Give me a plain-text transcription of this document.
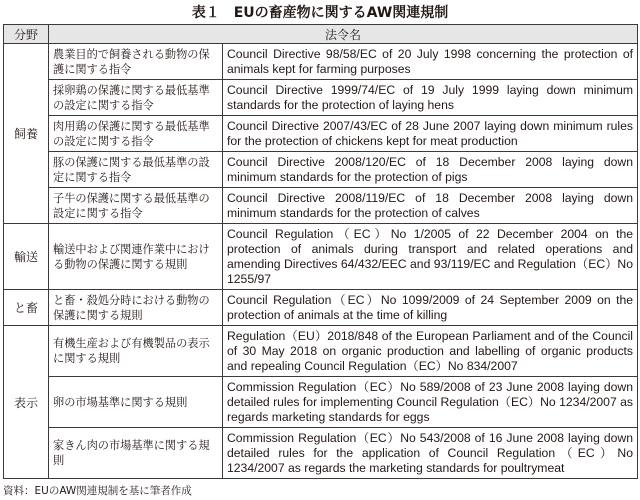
表１　EUの畜産物に関するAW関連規制
分野	法令名	
飼養	農業目的で飼養される動物の保護に関する指令	Council Directive 98/58/EC of 20 July 1998 concerning the protection of animals kept for farming purposes
	採卵鶏の保護に関する最低基準の設定に関する指令	Council Directive 1999/74/EC of 19 July 1999 laying down minimum standards for the protection of laying hens
	肉用鶏の保護に関する最低基準の設定に関する指令	Council Directive 2007/43/EC of 28 June 2007 laying down minimum rules for the protection of chickens kept for meat production
	豚の保護に関する最低基準の設定に関する指令	Council Directive 2008/120/EC of 18 December 2008 laying down minimum standards for the protection of pigs
	子牛の保護に関する最低基準の設定に関する指令	Council Directive 2008/119/EC of 18 December 2008 laying down minimum standards for the protection of calves
輸送	輸送中および関連作業中における動物の保護に関する規則	Council Regulation（EC）No 1/2005 of 22 December 2004 on the protection of animals during transport and related operations and amending Directives 64/432/EEC and 93/119/EC and Regulation（EC）No 1255/97
と畜	と畜・殺処分時における動物の保護に関する規則	Council Regulation（EC）No 1099/2009 of 24 September 2009 on the protection of animals at the time of killing
表示	有機生産および有機製品の表示に関する規則	Regulation（EU）2018/848 of the European Parliament and of the Council of 30 May 2018 on organic production and labelling of organic products and repealing Council Regulation（EC）No 834/2007
	卵の市場基準に関する規則	Commission Regulation（EC）No 589/2008 of 23 June 2008 laying down detailed rules for implementing Council Regulation（EC）No 1234/2007 as regards marketing standards for eggs
	家きん肉の市場基準に関する規則	Commission Regulation（EC）No 543/2008 of 16 June 2008 laying down detailed rules for the application of Council Regulation（EC）No 1234/2007 as regards the marketing standards for poultrymeat
資料：EUのAW関連規制を基に筆者作成
